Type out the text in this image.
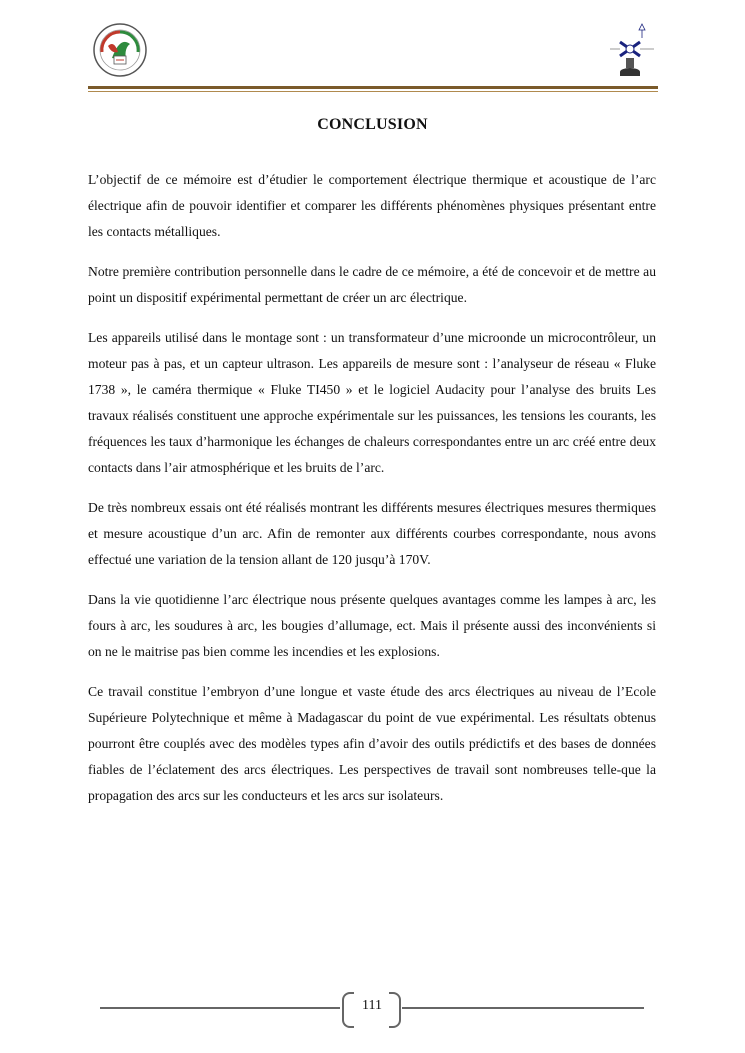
CONCLUSION

L’objectif de ce mémoire est d’étudier le comportement électrique thermique et acoustique de l’arc électrique afin de pouvoir identifier et comparer les différents phénomènes physiques présentant entre les contacts métalliques.

Notre première contribution personnelle dans le cadre de ce mémoire, a été de concevoir et de mettre au point un dispositif expérimental permettant de créer un arc électrique.

Les appareils utilisé dans le montage sont : un transformateur d’une microonde un microcontrôleur, un moteur pas à pas, et un capteur ultrason. Les appareils de mesure sont : l’analyseur de réseau « Fluke 1738 », le caméra thermique « Fluke TI450 » et le logiciel Audacity pour l’analyse des bruits Les travaux réalisés constituent une approche expérimentale sur les puissances, les tensions les courants, les fréquences les taux d’harmonique les échanges de chaleurs correspondantes entre un arc créé entre deux contacts dans l’air atmosphérique et les bruits de l’arc.

De très nombreux essais ont été réalisés montrant les différents mesures électriques mesures thermiques et mesure acoustique d’un arc. Afin de remonter aux différents courbes correspondante, nous avons effectué une variation de la tension allant de 120 jusqu’à 170V.

Dans la vie quotidienne l’arc électrique nous présente quelques avantages comme les lampes à arc, les fours à arc, les soudures à arc, les bougies d’allumage, ect. Mais il présente aussi des inconvénients si on ne le maitrise pas bien comme les incendies et les explosions.

Ce travail constitue l’embryon d’une longue et vaste étude des arcs électriques au niveau de l’Ecole Supérieure Polytechnique et même à Madagascar du point de vue expérimental. Les résultats obtenus pourront être couplés avec des modèles types afin d’avoir des outils prédictifs et des bases de données fiables de l’éclatement des arcs électriques. Les perspectives de travail sont nombreuses telle-que la propagation des arcs sur les conducteurs et les arcs sur isolateurs.

111
